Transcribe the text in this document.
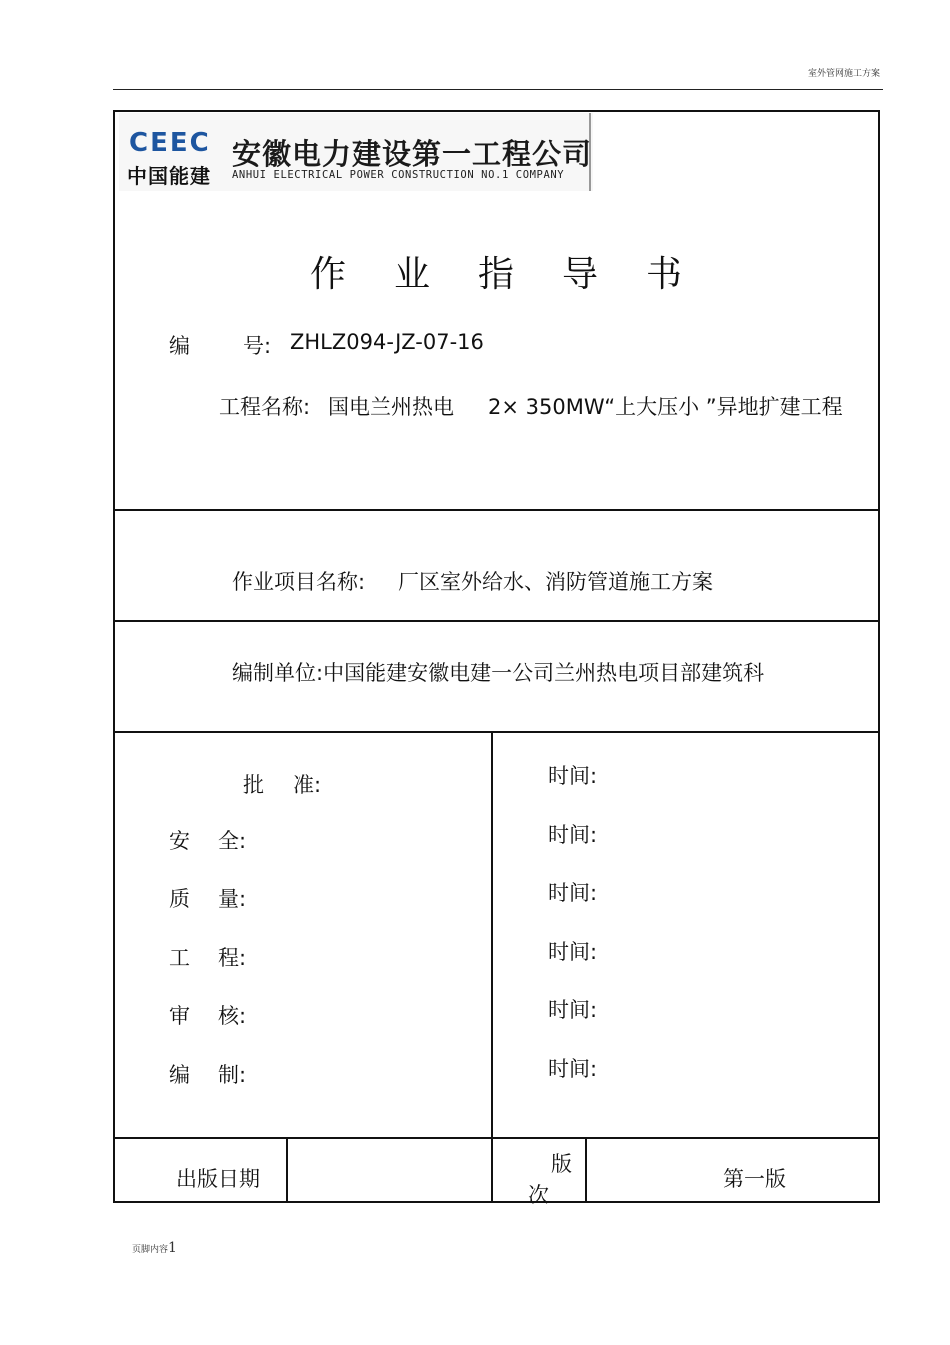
室外管网施工方案
CEEC
中国能建
安徽电力建设第一工程公司
ANHUI ELECTRICAL POWER CONSTRUCTION NO.1 COMPANY
作 业 指 导 书
编	号: ZHLZ094-JZ-07-16
工程名称: 国电兰州热电 2× 350MW“上大压小 ”异地扩建工程
作业项目名称: 厂区室外给水、消防管道施工方案
编制单位:中国能建安徽电建一公司兰州热电项目部建筑科
批 准:
安 全:
质 量:
工 程:
审 核:
编 制:
时间:
时间:
时间:
时间:
时间:
时间:
出版日期
版
次
第一版
页脚内容1
